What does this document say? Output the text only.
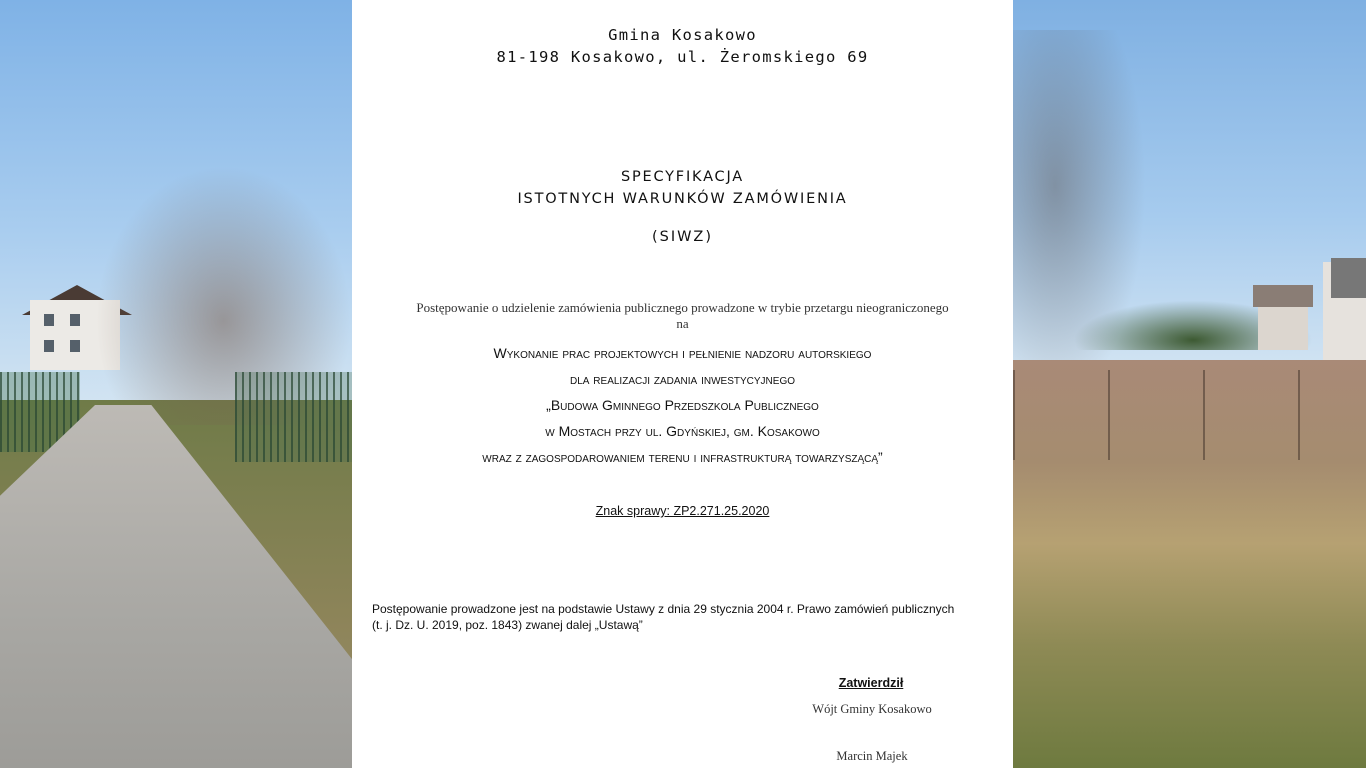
Gmina Kosakowo
81-198 Kosakowo, ul. Żeromskiego 69
SPECYFIKACJA
ISTOTNYCH WARUNKÓW ZAMÓWIENIA
(SIWZ)
Postępowanie o udzielenie zamówienia publicznego prowadzone w trybie przetargu nieograniczonego
na
Wykonanie prac projektowych i pełnienie nadzoru autorskiego
dla realizacji zadania inwestycyjnego
„Budowa Gminnego Przedszkola Publicznego
w Mostach przy ul. Gdyńskiej, gm. Kosakowo
wraz z zagospodarowaniem terenu i infrastrukturą towarzyszącą”
Znak sprawy: ZP2.271.25.2020
Postępowanie prowadzone jest na podstawie Ustawy z dnia 29 stycznia 2004 r. Prawo zamówień publicznych
(t. j. Dz. U. 2019, poz. 1843) zwanej dalej „Ustawą”
Zatwierdził
Wójt Gminy Kosakowo
Marcin Majek
